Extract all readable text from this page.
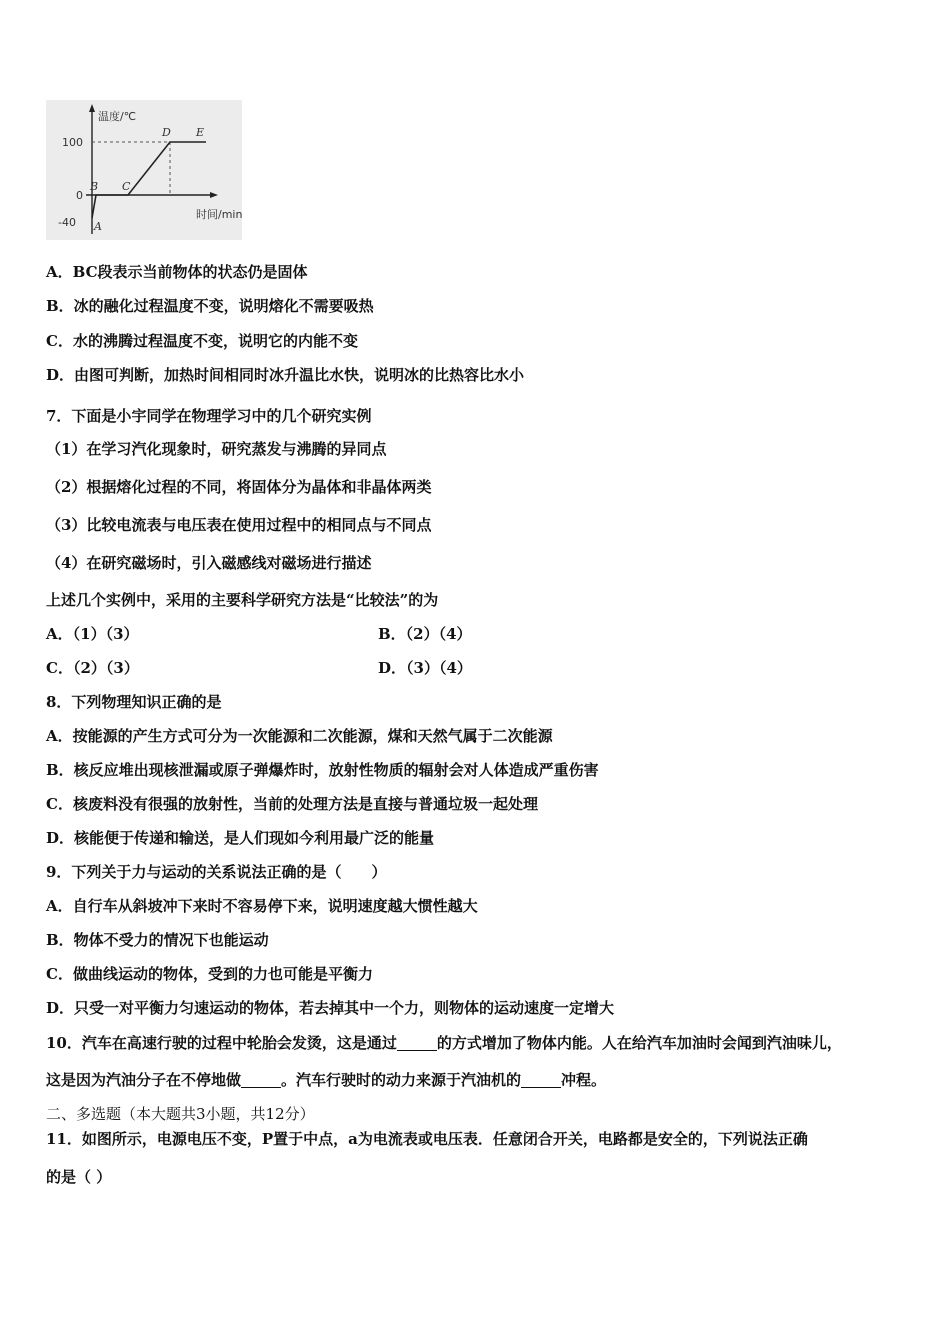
温度/℃
时间/min
100
0
-40 A
B C
D E
A．BC段表示当前物体的状态仍是固体
B．冰的融化过程温度不变，说明熔化不需要吸热
C．水的沸腾过程温度不变，说明它的内能不变
D．由图可判断，加热时间相同时冰升温比水快，说明冰的比热容比水小
7．下面是小宇同学在物理学习中的几个研究实例
（1）在学习汽化现象时，研究蒸发与沸腾的异同点
（2）根据熔化过程的不同，将固体分为晶体和非晶体两类
（3）比较电流表与电压表在使用过程中的相同点与不同点
（4）在研究磁场时，引入磁感线对磁场进行描述
上述几个实例中，采用的主要科学研究方法是“比较法”的为
A．（1）（3）	B．（2）（4）
C．（2）（3）	D．（3）（4）
8．下列物理知识正确的是
A．按能源的产生方式可分为一次能源和二次能源，煤和天然气属于二次能源
B．核反应堆出现核泄漏或原子弹爆炸时，放射性物质的辐射会对人体造成严重伤害
C．核废料没有很强的放射性，当前的处理方法是直接与普通垃圾一起处理
D．核能便于传递和输送，是人们现如今利用最广泛的能量
9．下列关于力与运动的关系说法正确的是（　　）
A．自行车从斜坡冲下来时不容易停下来，说明速度越大惯性越大
B．物体不受力的情况下也能运动
C．做曲线运动的物体，受到的力也可能是平衡力
D．只受一对平衡力匀速运动的物体，若去掉其中一个力，则物体的运动速度一定增大
10．汽车在高速行驶的过程中轮胎会发烫，这是通过	的方式增加了物体内能。人在给汽车加油时会闻到汽油味儿，
这是因为汽油分子在不停地做	。汽车行驶时的动力来源于汽油机的	冲程。
二、多选题（本大题共3小题，共12分）
11．如图所示，电源电压不变，P置于中点，a为电流表或电压表．任意闭合开关，电路都是安全的，下列说法正确
的是（ ）
